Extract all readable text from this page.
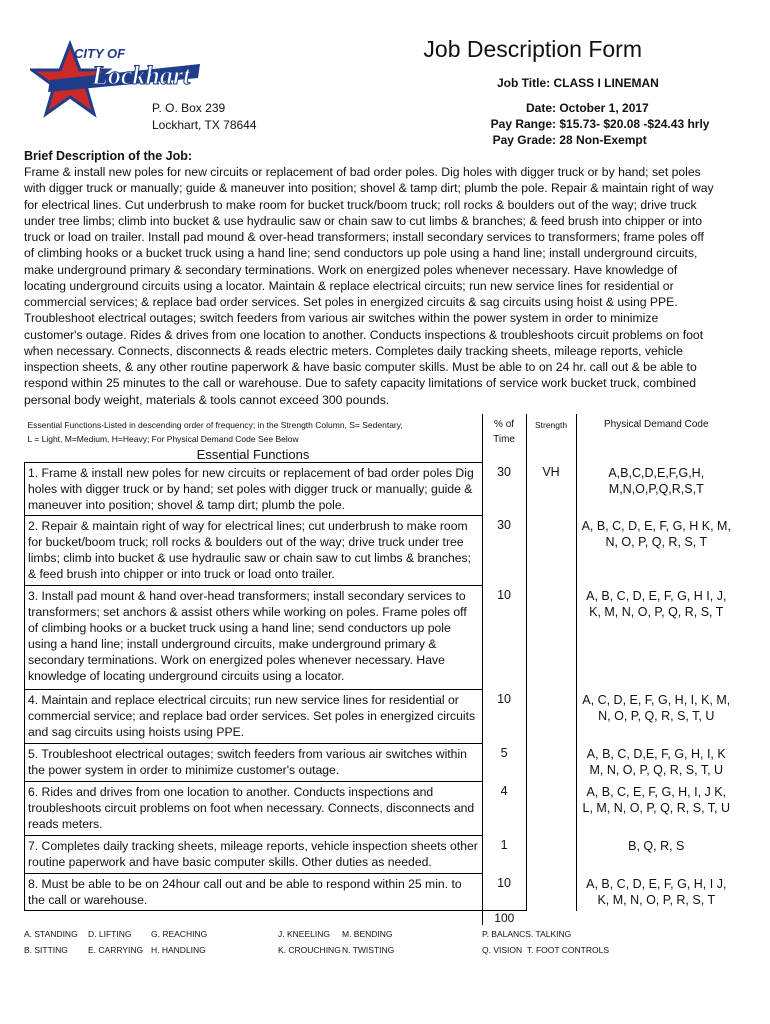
CITY OF
Lockhart
Job Description Form
Job Title: CLASS I LINEMAN
P. O. Box 239
Lockhart, TX 78644
Date: October 1, 2017
Pay Range: $15.73- $20.08 -$24.43 hrly
Pay Grade: 28 Non-Exempt
Brief Description of the Job:
Frame & install new poles for new circuits or replacement of bad order poles. Dig holes with digger truck or by hand; set poles with digger truck or manually; guide & maneuver into position; shovel & tamp dirt; plumb the pole. Repair & maintain right of way for electrical lines. Cut underbrush to make room for bucket truck/boom truck; roll rocks & boulders out of the way; drive truck under tree limbs; climb into bucket & use hydraulic saw or chain saw to cut limbs & branches; & feed brush into chipper or into truck or load on trailer. Install pad mound & over-head transformers; install secondary services to transformers; frame poles off of climbing hooks or a bucket truck using a hand line; send conductors up pole using a hand line; install underground circuits, make underground primary & secondary terminations. Work on energized poles whenever necessary. Have knowledge of locating underground circuits using a locator. Maintain & replace electrical circuits; run new service lines for residential or commercial services; & replace bad order services. Set poles in energized circuits & sag circuits using hoist & using PPE. Troubleshoot electrical outages; switch feeders from various air switches within the power system in order to minimize customer's outage. Rides & drives from one location to another. Conducts inspections & troubleshoots circuit problems on foot when necessary. Connects, disconnects & reads electric meters. Completes daily tracking sheets, mileage reports, vehicle inspection sheets, & any other routine paperwork & have basic computer skills. Must be able to on 24 hr. call out & be able to respond within 25 minutes to the call or warehouse. Due to safety capacity limitations of service work bucket truck, combined personal body weight, materials & tools cannot exceed 300 pounds.
Essential Functions-Listed in descending order of frequency; in the Strength Column, S= Sedentary,	% of	Strength	Physical Demand Code
L = Light, M=Medium, H=Heavy; For Physical Demand Code See Below	Time		
Essential Functions			
1. Frame & install new poles for new circuits or replacement of bad order poles Dig holes with digger truck or by hand; set poles with digger truck or manually; guide & maneuver into position; shovel & tamp dirt; plumb the pole.	30	VH	A,B,C,D,E,F,G,H, M,N,O,P,Q,R,S,T
2. Repair & maintain right of way for electrical lines; cut underbrush to make room for bucket/boom truck; roll rocks & boulders out of the way; drive truck under tree limbs; climb into bucket & use hydraulic saw or chain saw to cut limbs & branches; & feed brush into chipper or into truck or load onto trailer.	30		A, B, C, D, E, F, G, H K, M, N, O, P, Q, R, S, T
3. Install pad mount & hand over-head transformers; install secondary services to transformers; set anchors & assist others while working on poles. Frame poles off of climbing hooks or a bucket truck using a hand line; send conductors up pole using a hand line; install underground circuits, make underground primary & secondary terminations. Work on energized poles whenever necessary. Have knowledge of locating underground circuits using a locator.	10		A, B, C, D, E, F, G, H I, J, K, M, N, O, P, Q, R, S, T
4. Maintain and replace electrical circuits; run new service lines for residential or commercial service; and replace bad order services. Set poles in energized circuits and sag circuits using hoists using PPE.	10		A, C, D, E, F, G, H, I, K, M, N, O, P, Q, R, S, T, U
5. Troubleshoot electrical outages; switch feeders from various air switches within the power system in order to minimize customer's outage.	5		A, B, C, D,E, F, G, H, I, K M, N, O, P, Q, R, S, T, U
6. Rides and drives from one location to another. Conducts inspections and troubleshoots circuit problems on foot when necessary. Connects, disconnects and reads meters.	4		A, B, C, E, F, G, H, I, J K, L, M, N, O, P, Q, R, S, T, U
7. Completes daily tracking sheets, mileage reports, vehicle inspection sheets other routine paperwork and have basic computer skills. Other duties as needed.	1		B, Q, R, S
8. Must be able to be on 24hour call out and be able to respond within 25 min. to the call or warehouse.	10		A, B, C, D, E, F, G, H, I J, K, M, N, O, P, R, S, T
	100		
A. STANDING D. LIFTING G. REACHING	J. KNEELING M. BENDING	P. BALANCS. TALKING
B. SITTING E. CARRYING H. HANDLING	K. CROUCHING N. TWISTING	Q. VISION T. FOOT CONTROLS
